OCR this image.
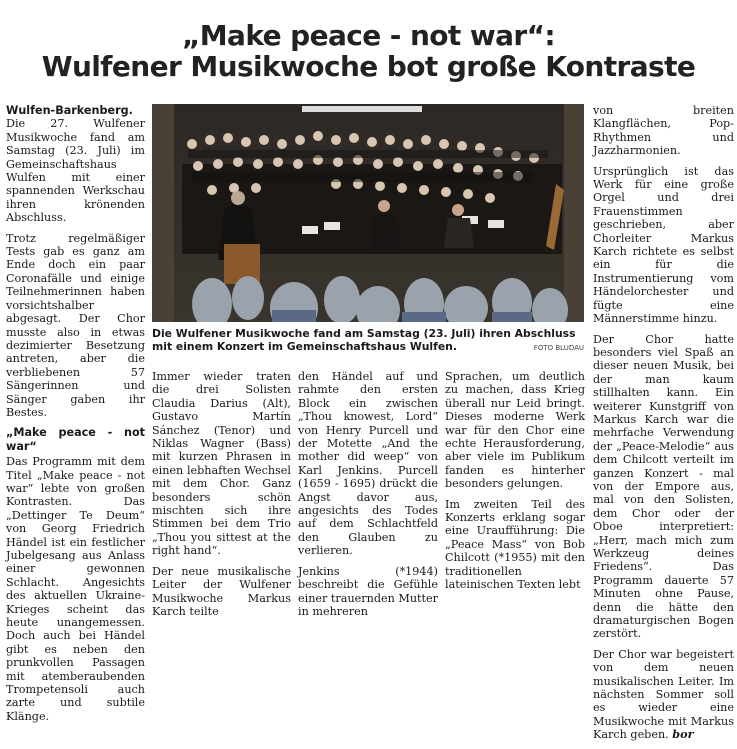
„Make peace - not war“:
Wulfener Musikwoche bot große Kontraste

Wulfen-Barkenberg. Die 27. Wulfener Musikwoche fand am Samstag (23. Juli) im Gemeinschaftshaus Wulfen mit einer spannenden Werkschau ihren krönenden Abschluss.

Trotz regelmäßiger Tests gab es ganz am Ende doch ein paar Coronafälle und einige Teilnehmerinnen haben vorsichtshalber abgesagt. Der Chor musste also in etwas dezimierter Besetzung antreten, aber die verbliebenen 57 Sängerinnen und Sänger gaben ihr Bestes.

„Make peace - not war“

Das Programm mit dem Titel „Make peace - not war“ lebte von großen Kontrasten. Das „Dettinger Te Deum“ von Georg Friedrich Händel ist ein festlicher Jubelgesang aus Anlass einer gewonnen Schlacht. Angesichts des aktuellen Ukraine-Krieges scheint das heute unangemessen. Doch auch bei Händel gibt es neben den prunkvollen Passagen mit atemberaubenden Trompetensoli auch zarte und subtile Klänge.

Die Wulfener Musikwoche fand am Samstag (23. Juli) ihren Abschluss mit einem Konzert im Gemeinschaftshaus Wulfen.	FOTO BLUDAU

Immer wieder traten die drei Solisten Claudia Darius (Alt), Gustavo Martín Sánchez (Tenor) und Niklas Wagner (Bass) mit kurzen Phrasen in einen lebhaften Wechsel mit dem Chor. Ganz besonders schön mischten sich ihre Stimmen bei dem Trio „Thou you sittest at the right hand“.

Der neue musikalische Leiter der Wulfener Musikwoche Markus Karch teilte

den Händel auf und rahmte den ersten Block ein zwischen „Thou knowest, Lord“ von Henry Purcell und der Motette „And the mother did weep“ von Karl Jenkins. Purcell (1659 - 1695) drückt die Angst davor aus, angesichts des Todes auf dem Schlachtfeld den Glauben zu verlieren.

Jenkins (*1944) beschreibt die Gefühle einer trauernden Mutter in mehreren

Sprachen, um deutlich zu machen, dass Krieg überall nur Leid bringt. Dieses moderne Werk war für den Chor eine echte Herausforderung, aber viele im Publikum fanden es hinterher besonders gelungen.

Im zweiten Teil des Konzerts erklang sogar eine Uraufführung: Die „Peace Mass“ von Bob Chilcott (*1955) mit den traditionellen lateinischen Texten lebt

von breiten Klangflächen, Pop-Rhythmen und Jazzharmonien.

Ursprünglich ist das Werk für eine große Orgel und drei Frauenstimmen geschrieben, aber Chorleiter Markus Karch richtete es selbst ein für die Instrumentierung vom Händelorchester und fügte eine Männerstimme hinzu.

Der Chor hatte besonders viel Spaß an dieser neuen Musik, bei der man kaum stillhalten kann. Ein weiterer Kunstgriff von Markus Karch war die mehrfache Verwendung der „Peace-Melodie“ aus dem Chilcott verteilt im ganzen Konzert - mal von der Empore aus, mal von den Solisten, dem Chor oder der Oboe interpretiert: „Herr, mach mich zum Werkzeug deines Friedens“. Das Programm dauerte 57 Minuten ohne Pause, denn die hätte den dramaturgischen Bogen zerstört.

Der Chor war begeistert von dem neuen musikalischen Leiter. Im nächsten Sommer soll es wieder eine Musikwoche mit Markus Karch geben. bor
